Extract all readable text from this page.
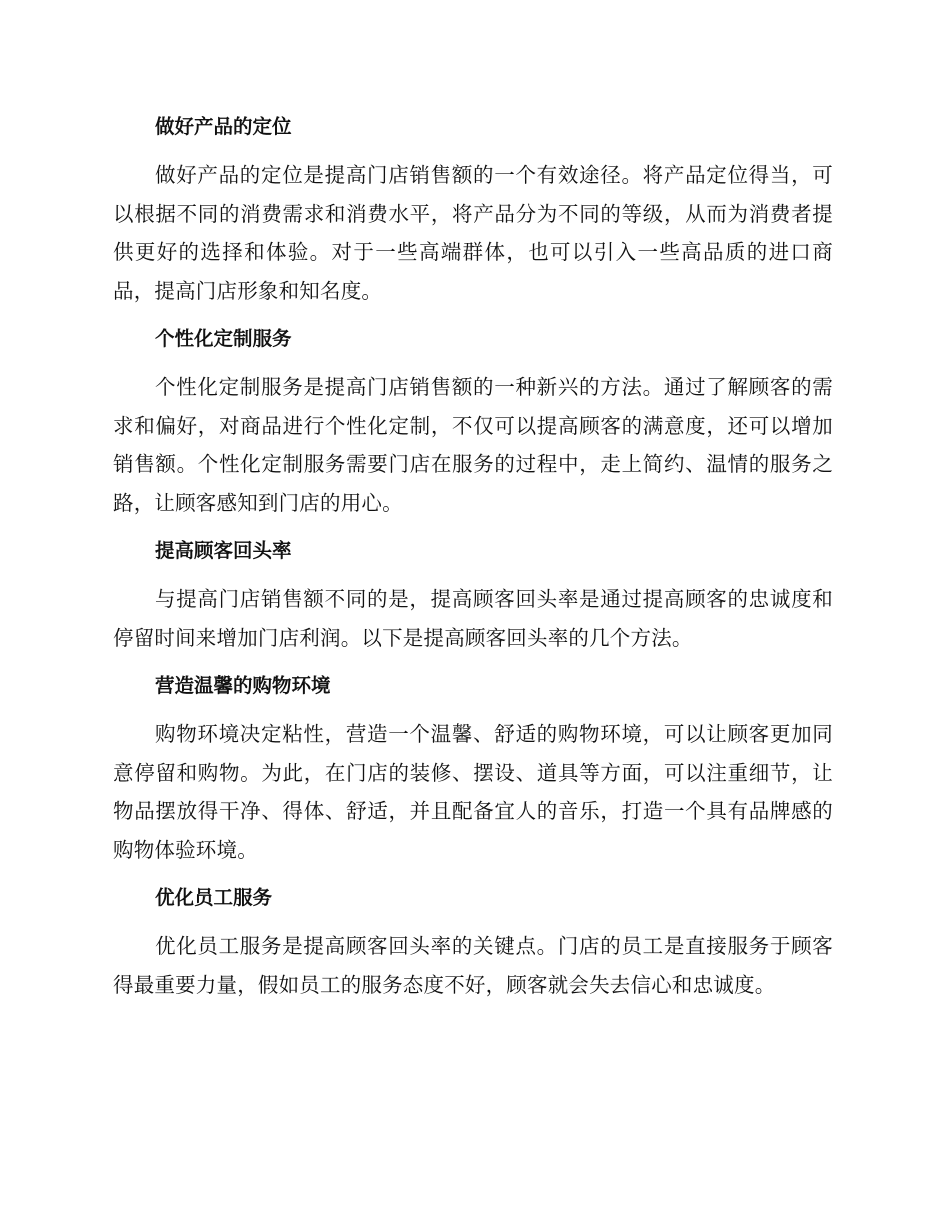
做好产品的定位

做好产品的定位是提高门店销售额的一个有效途径。将产品定位得当，可以根据不同的消费需求和消费水平，将产品分为不同的等级，从而为消费者提供更好的选择和体验。对于一些高端群体，也可以引入一些高品质的进口商品，提高门店形象和知名度。

个性化定制服务

个性化定制服务是提高门店销售额的一种新兴的方法。通过了解顾客的需求和偏好，对商品进行个性化定制，不仅可以提高顾客的满意度，还可以增加销售额。个性化定制服务需要门店在服务的过程中，走上简约、温情的服务之路，让顾客感知到门店的用心。

提高顾客回头率

与提高门店销售额不同的是，提高顾客回头率是通过提高顾客的忠诚度和停留时间来增加门店利润。以下是提高顾客回头率的几个方法。

营造温馨的购物环境

购物环境决定粘性，营造一个温馨、舒适的购物环境，可以让顾客更加同意停留和购物。为此，在门店的装修、摆设、道具等方面，可以注重细节，让物品摆放得干净、得体、舒适，并且配备宜人的音乐，打造一个具有品牌感的购物体验环境。

优化员工服务

优化员工服务是提高顾客回头率的关键点。门店的员工是直接服务于顾客得最重要力量，假如员工的服务态度不好，顾客就会失去信心和忠诚度。
